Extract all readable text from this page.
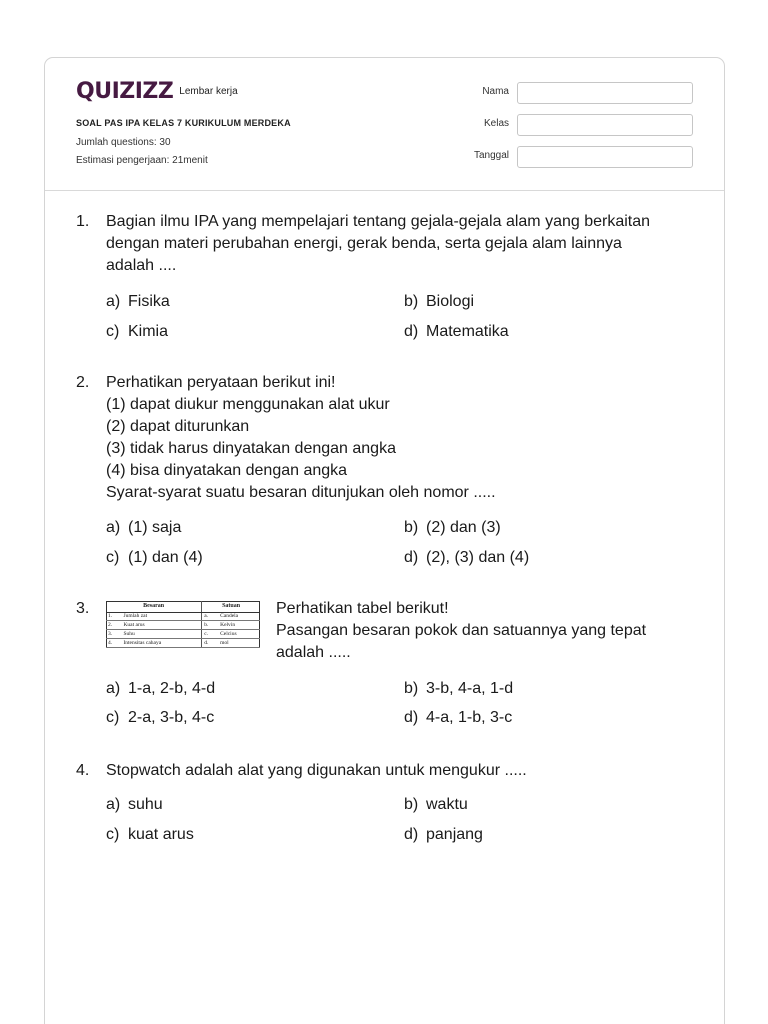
QUIZIZZ Lembar kerja
SOAL PAS IPA KELAS 7 KURIKULUM MERDEKA
Jumlah questions: 30
Estimasi pengerjaan: 21menit
Nama
Kelas
Tanggal
1. Bagian ilmu IPA yang mempelajari tentang gejala-gejala alam yang berkaitan
dengan materi perubahan energi, gerak benda, serta gejala alam lainnya
adalah ....
a) Fisika	b) Biologi
c) Kimia	d) Matematika
2. Perhatikan peryataan berikut ini!
(1) dapat diukur menggunakan alat ukur
(2) dapat diturunkan
(3) tidak harus dinyatakan dengan angka
(4) bisa dinyatakan dengan angka
Syarat-syarat suatu besaran ditunjukan oleh nomor .....
a) (1) saja	b) (2) dan (3)
c) (1) dan (4)	d) (2), (3) dan (4)
3.	Besaran		Satuan	
1.	Jumlah zat	a.	Candela
2.	Kuat arus	b.	Kelvin
3.	Suhu	c.	Celcius
4.	Intensitas cahaya	d.	mol
Perhatikan tabel berikut!
Pasangan besaran pokok dan satuannya yang tepat
adalah .....
a) 1-a, 2-b, 4-d	b) 3-b, 4-a, 1-d
c) 2-a, 3-b, 4-c	d) 4-a, 1-b, 3-c
4. Stopwatch adalah alat yang digunakan untuk mengukur .....
a) suhu	b) waktu
c) kuat arus	d) panjang
